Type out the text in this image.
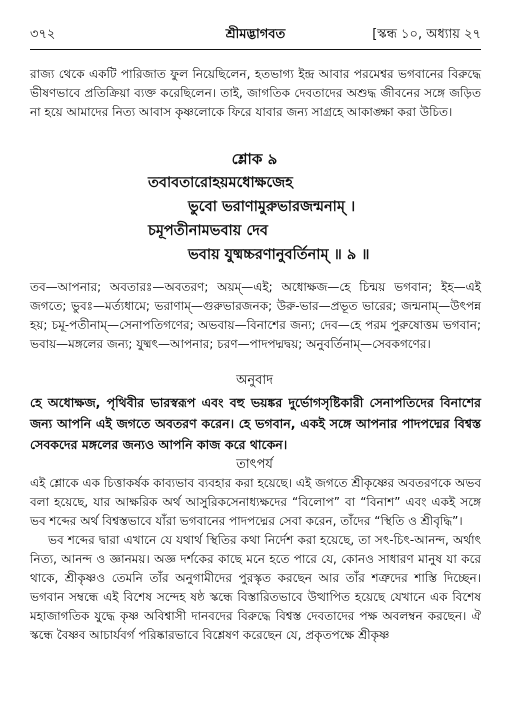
৩৭২	শ্রীমদ্ভাগবত	[স্কন্ধ ১০, অধ্যায় ২৭

রাজ্য থেকে একটি পারিজাত ফুল নিয়েছিলেন, হতভাগ্য ইন্দ্র আবার পরমেশ্বর ভগবানের বিরুদ্ধে ভীষণভাবে প্রতিক্রিয়া ব্যক্ত করেছিলেন। তাই, জাগতিক দেবতাদের অশুদ্ধ জীবনের সঙ্গে জড়িত না হয়ে আমাদের নিত্য আবাস কৃষ্ণলোকে ফিরে যাবার জন্য সাগ্রহে আকাঙ্ক্ষা করা উচিত।

শ্লোক ৯
তবাবতারোহয়মধোক্ষজেহ
ভুবো ভরাণামুরুভারজন্মনাম্ ।
চমূপতীনামভবায় দেব
ভবায় যুষ্মচ্চরণানুবর্তিনাম্ ॥ ৯ ॥

তব—আপনার; অবতারঃ—অবতরণ; অয়ম্—এই; অধোক্ষজ—হে চিন্ময় ভগবান; ইহ—এই জগতে; ভুবঃ—মর্ত্যধামে; ভরাণাম্—গুরুভারজনক; উরু-ভার—প্রভূত ভারের; জন্মনাম্—উৎপন্ন হয়; চমূ-পতীনাম্—সেনাপতিগণের; অভবায়—বিনাশের জন্য; দেব—হে পরম পুরুষোত্তম ভগবান; ভবায়—মঙ্গলের জন্য; যুষ্মৎ—আপনার; চরণ—পাদপদ্মদ্বয়; অনুবর্তিনাম্—সেবকগণের।

অনুবাদ
হে অধোক্ষজ, পৃথিবীর ভারস্বরূপ এবং বহু ভয়ঙ্কর দুর্ভোগসৃষ্টিকারী সেনাপতিদের বিনাশের জন্য আপনি এই জগতে অবতরণ করেন। হে ভগবান, একই সঙ্গে আপনার পাদপদ্মের বিশ্বস্ত সেবকদের মঙ্গলের জন্যও আপনি কাজ করে থাকেন।
তাৎপর্য

এই শ্লোকে এক চিত্তাকর্ষক কাব্যভাব ব্যবহার করা হয়েছে। এই জগতে শ্রীকৃষ্ণের অবতরণকে অভব বলা হয়েছে, যার আক্ষরিক অর্থ আসুরিকসেনাধ্যক্ষদের “বিলোপ” বা “বিনাশ” এবং একই সঙ্গে ভব শব্দের অর্থ বিশ্বস্তভাবে যাঁরা ভগবানের পাদপদ্মের সেবা করেন, তাঁদের “স্থিতি ও শ্রীবৃদ্ধি”।

ভব শব্দের দ্বারা এখানে যে যথার্থ স্থিতির কথা নির্দেশ করা হয়েছে, তা সৎ-চিৎ-আনন্দ, অর্থাৎ নিত্য, আনন্দ ও জ্ঞানময়। অজ্ঞ দর্শকের কাছে মনে হতে পারে যে, কোনও সাধারণ মানুষ যা করে থাকে, শ্রীকৃষ্ণও তেমনি তাঁর অনুগামীদের পুরস্কৃত করছেন আর তাঁর শত্রুদের শাস্তি দিচ্ছেন। ভগবান সম্বন্ধে এই বিশেষ সন্দেহ ষষ্ঠ স্কন্ধে বিস্তারিতভাবে উত্থাপিত হয়েছে যেখানে এক বিশেষ মহাজাগতিক যুদ্ধে কৃষ্ণ অবিশ্বাসী দানবদের বিরুদ্ধে বিশ্বস্ত দেবতাদের পক্ষ অবলম্বন করছেন। ঐ স্কন্ধে বৈষ্ণব আচার্যবর্গ পরিষ্কারভাবে বিশ্লেষণ করেছেন যে, প্রকৃতপক্ষে শ্রীকৃষ্ণ
